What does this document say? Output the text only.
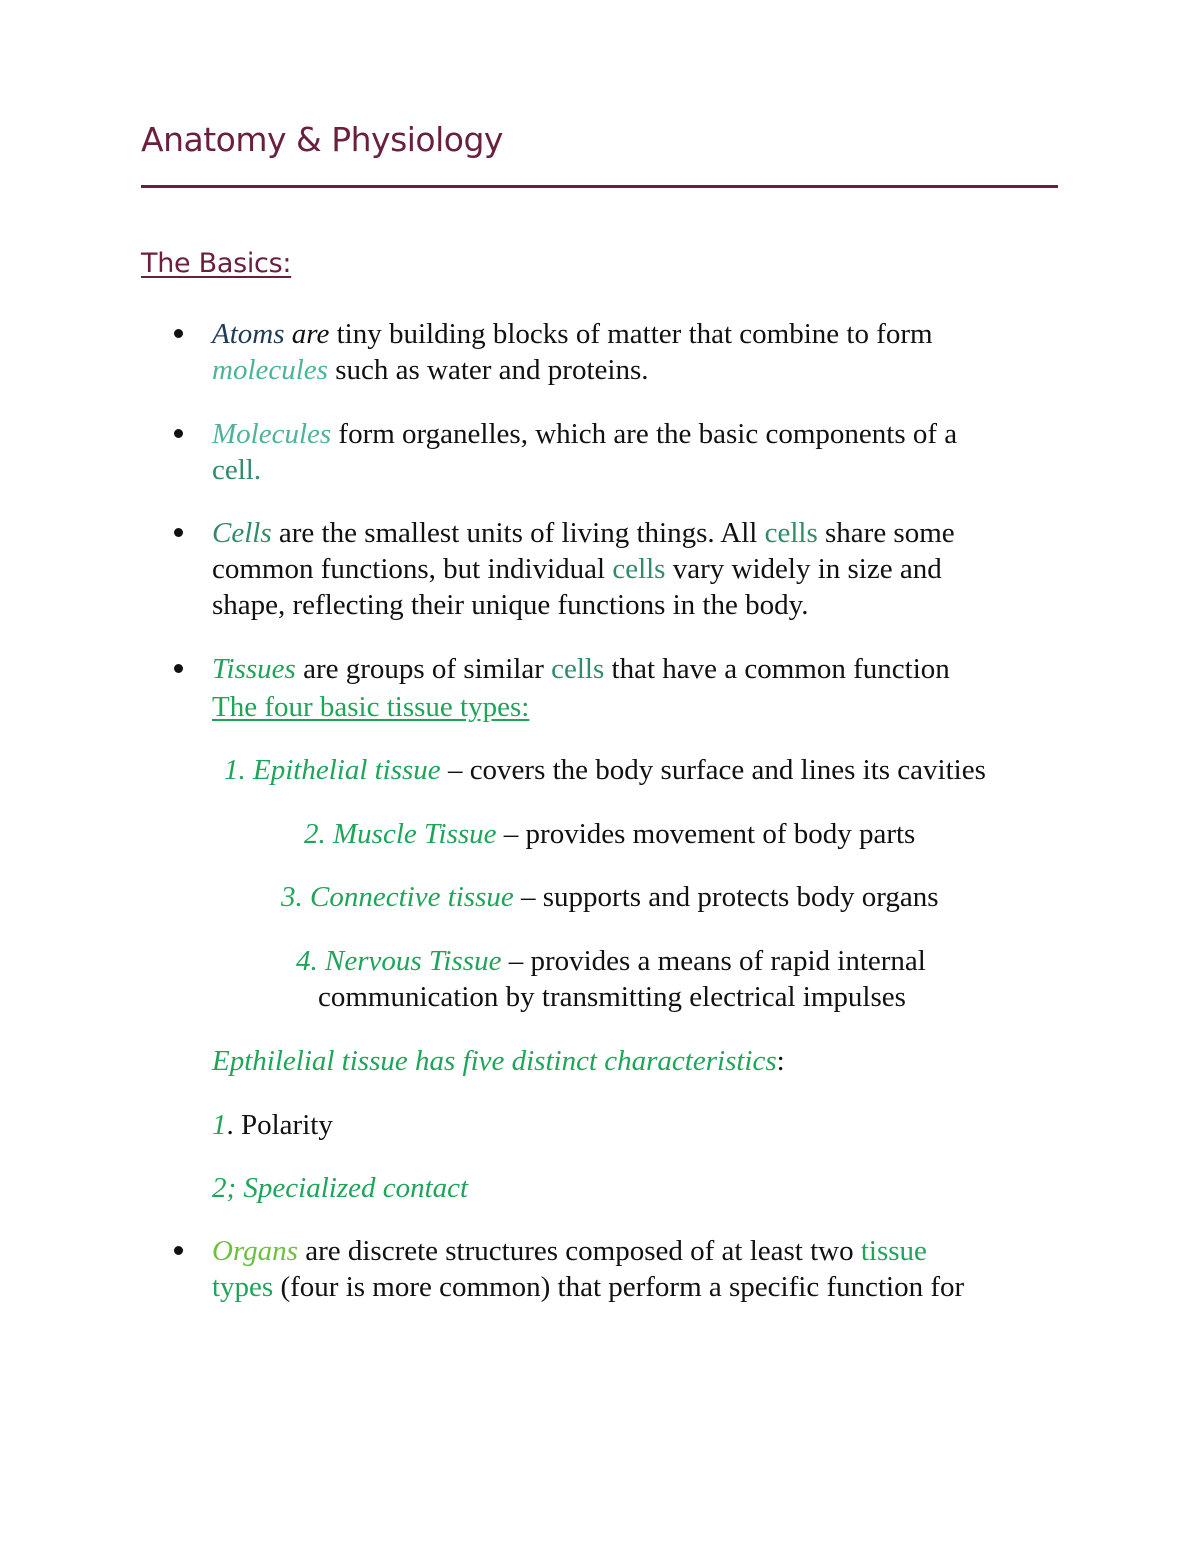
Anatomy & Physiology
The Basics:
Atoms are tiny building blocks of matter that combine to form
molecules such as water and proteins.
Molecules form organelles, which are the basic components of a
cell.
Cells are the smallest units of living things. All cells share some
common functions, but individual cells vary widely in size and
shape, reflecting their unique functions in the body.
Tissues are groups of similar cells that have a common function
The four basic tissue types:
1. Epithelial tissue – covers the body surface and lines its cavities
2. Muscle Tissue – provides movement of body parts
3. Connective tissue – supports and protects body organs
4. Nervous Tissue – provides a means of rapid internal
communication by transmitting electrical impulses
Epthilelial tissue has five distinct characteristics:
1. Polarity
2; Specialized contact
Organs are discrete structures composed of at least two tissue
types (four is more common) that perform a specific function for
